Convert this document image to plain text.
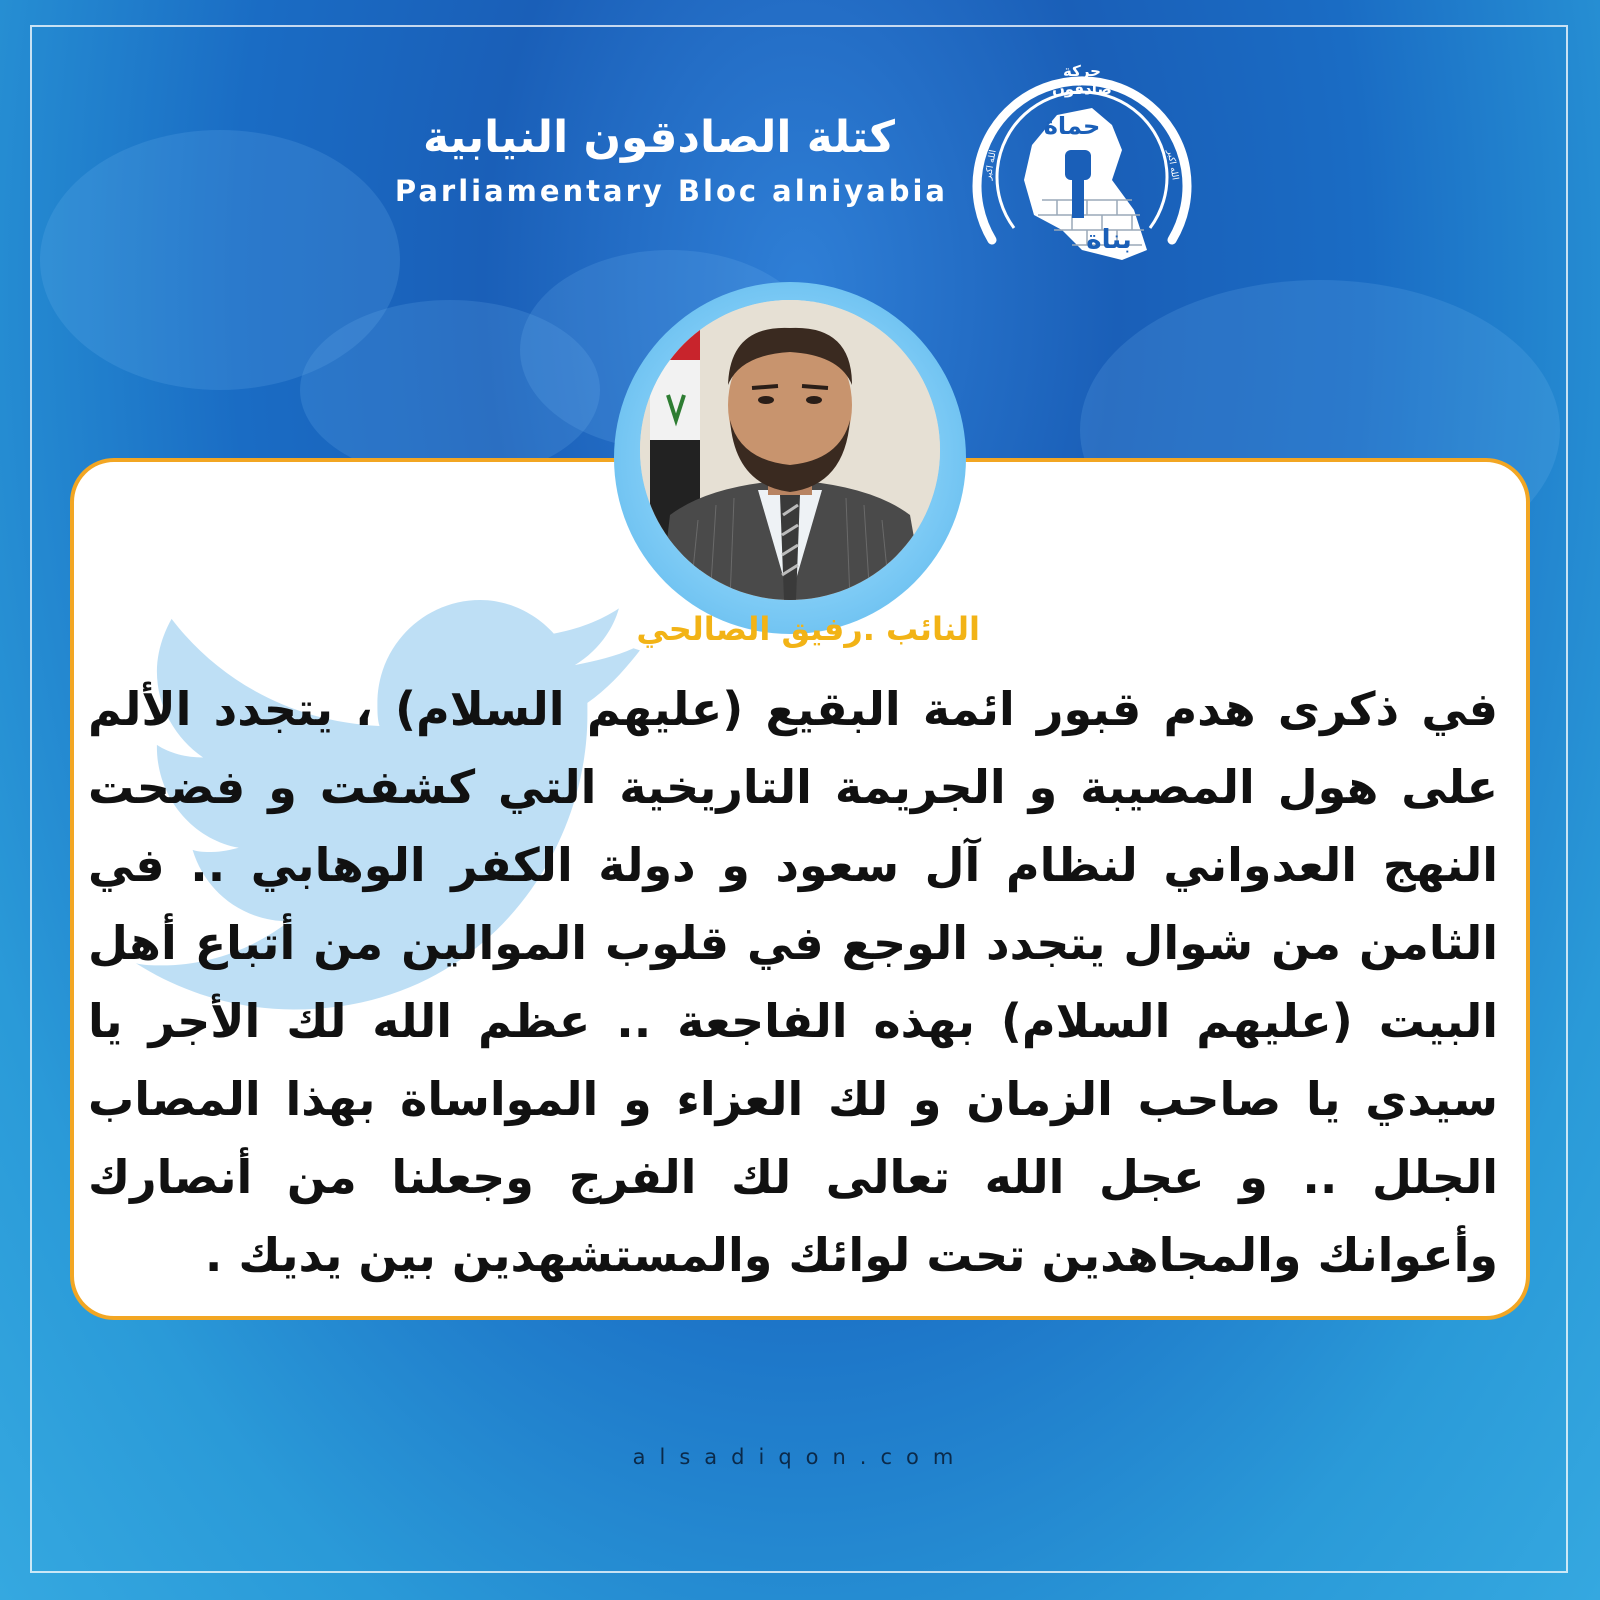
كتلة الصادقون النيابية
Parliamentary Bloc alniyabia
حركة صادقون
حماة
بناة
الله اكبر	الله اكبر
النائب .رفيق الصالحي
في ذكرى هدم قبور ائمة البقيع (عليهم السلام) ، يتجدد الألم على هول المصيبة و الجريمة التاريخية التي كشفت و فضحت النهج العدواني لنظام آل سعود و دولة الكفر الوهابي .. في الثامن من شوال يتجدد الوجع في قلوب الموالين من أتباع أهل البيت (عليهم السلام) بهذه الفاجعة .. عظم الله لك الأجر يا سيدي يا صاحب الزمان و لك العزاء و المواساة بهذا المصاب الجلل .. و عجل الله تعالى لك الفرج وجعلنا من أنصارك وأعوانك والمجاهدين تحت لوائك والمستشهدين بين يديك .
alsadiqon.com
